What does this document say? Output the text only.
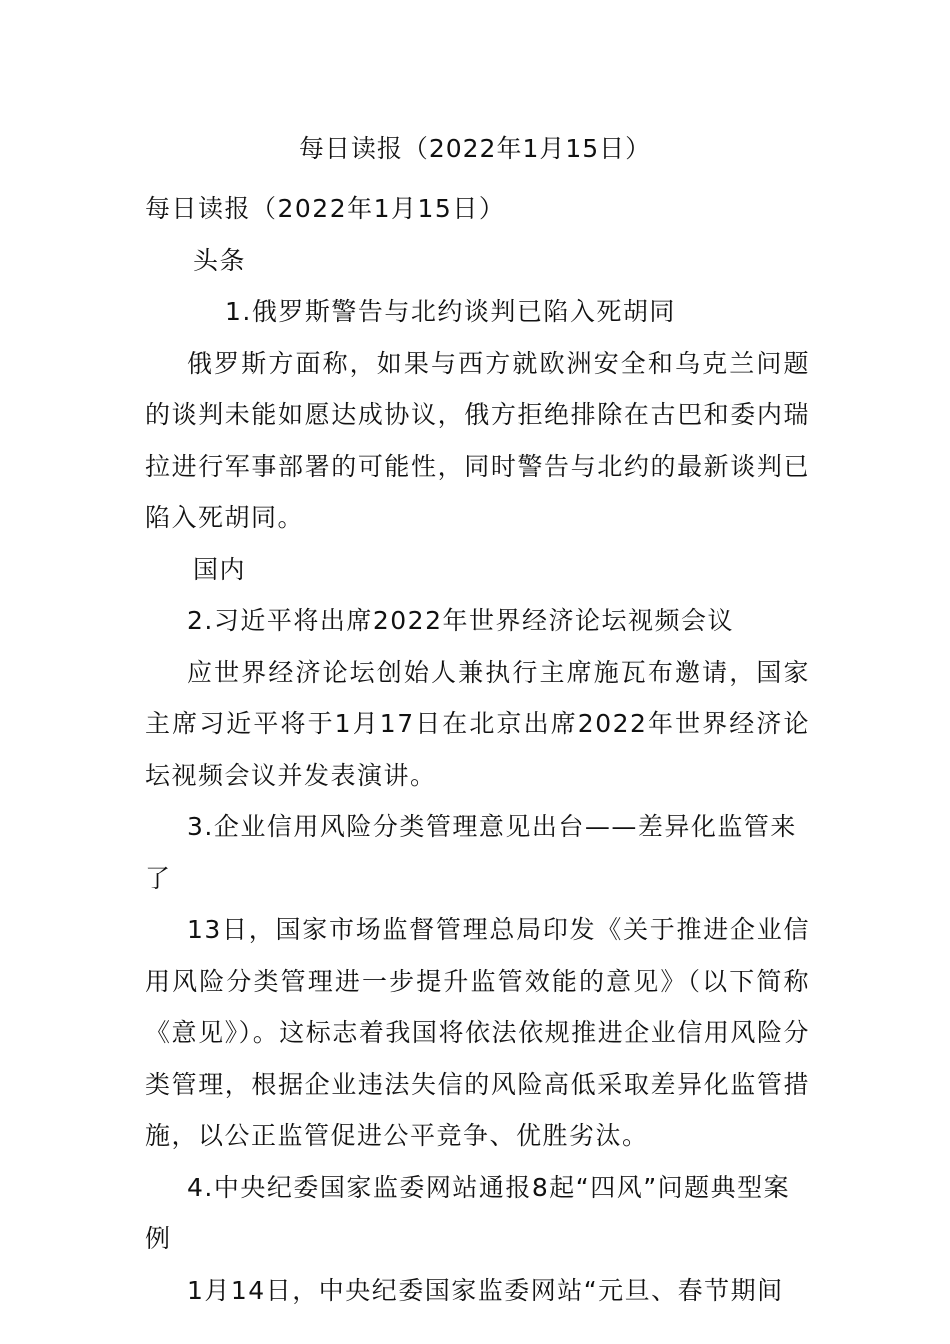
每日读报（2022年1月15日）

每日读报（2022年1月15日）

头条

1.俄罗斯警告与北约谈判已陷入死胡同

俄罗斯方面称，如果与西方就欧洲安全和乌克兰问题的谈判未能如愿达成协议，俄方拒绝排除在古巴和委内瑞拉进行军事部署的可能性，同时警告与北约的最新谈判已陷入死胡同。

国内

2.习近平将出席2022年世界经济论坛视频会议

应世界经济论坛创始人兼执行主席施瓦布邀请，国家主席习近平将于1月17日在北京出席2022年世界经济论坛视频会议并发表演讲。

3.企业信用风险分类管理意见出台——差异化监管来了

13日，国家市场监督管理总局印发《关于推进企业信用风险分类管理进一步提升监管效能的意见》（以下简称《意见》）。这标志着我国将依法依规推进企业信用风险分类管理，根据企业违法失信的风险高低采取差异化监管措施，以公正监管促进公平竞争、优胜劣汰。

4.中央纪委国家监委网站通报8起“四风”问题典型案例

1月14日，中央纪委国家监委网站“元旦、春节期间
